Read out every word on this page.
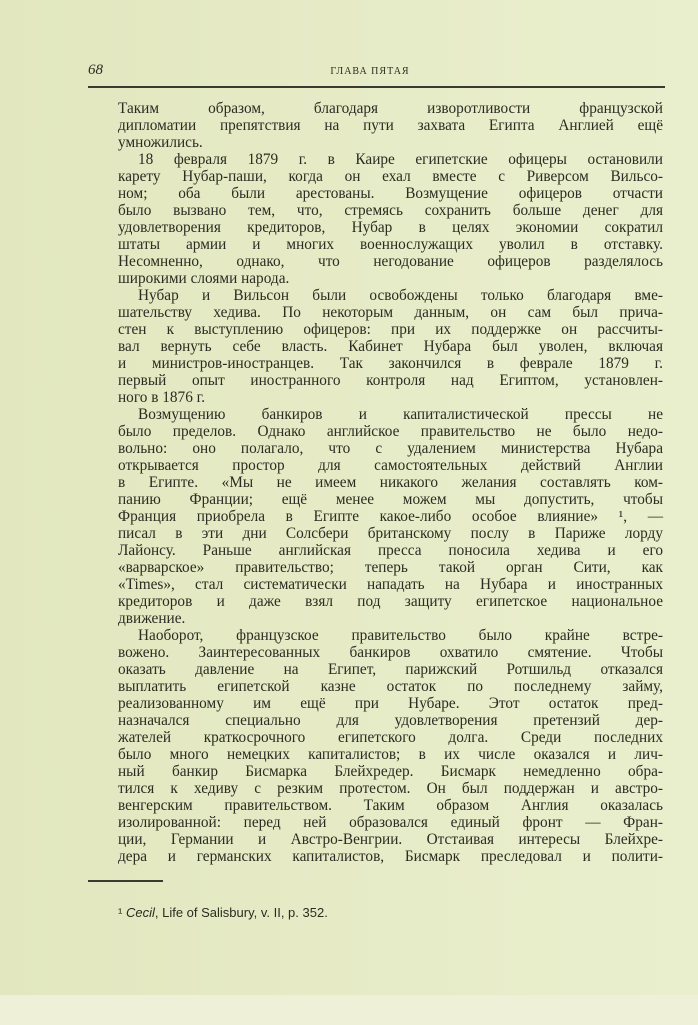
68	ГЛАВА ПЯТАЯ
Таким образом, благодаря изворотливости французской
дипломатии препятствия на пути захвата Египта Англией ещё
умножились.
18 февраля 1879 г. в Каире египетские офицеры остановили
карету Нубар-паши, когда он ехал вместе с Риверсом Вильсо-
ном; оба были арестованы. Возмущение офицеров отчасти
было вызвано тем, что, стремясь сохранить больше денег для
удовлетворения кредиторов, Нубар в целях экономии сократил
штаты армии и многих военнослужащих уволил в отставку.
Несомненно, однако, что негодование офицеров разделялось
широкими слоями народа.
Нубар и Вильсон были освобождены только благодаря вме-
шательству хедива. По некоторым данным, он сам был прича-
стен к выступлению офицеров: при их поддержке он рассчиты-
вал вернуть себе власть. Кабинет Нубара был уволен, включая
и министров-иностранцев. Так закончился в феврале 1879 г.
первый опыт иностранного контроля над Египтом, установлен-
ного в 1876 г.
Возмущению банкиров и капиталистической прессы не
было пределов. Однако английское правительство не было недо-
вольно: оно полагало, что с удалением министерства Нубара
открывается простор для самостоятельных действий Англии
в Египте. «Мы не имеем никакого желания составлять ком-
панию Франции; ещё менее можем мы допустить, чтобы
Франция приобрела в Египте какое-либо особое влияние» ¹, —
писал в эти дни Солсбери британскому послу в Париже лорду
Лайонсу. Раньше английская пресса поносила хедива и его
«варварское» правительство; теперь такой орган Сити, как
«Times», стал систематически нападать на Нубара и иностранных
кредиторов и даже взял под защиту египетское национальное
движение.
Наоборот, французское правительство было крайне встре-
вожено. Заинтересованных банкиров охватило смятение. Чтобы
оказать давление на Египет, парижский Ротшильд отказался
выплатить египетской казне остаток по последнему займу,
реализованному им ещё при Нубаре. Этот остаток пред-
назначался специально для удовлетворения претензий дер-
жателей краткосрочного египетского долга. Среди последних
было много немецких капиталистов; в их числе оказался и лич-
ный банкир Бисмарка Блейхредер. Бисмарк немедленно обра-
тился к хедиву с резким протестом. Он был поддержан и австро-
венгерским правительством. Таким образом Англия оказалась
изолированной: перед ней образовался единый фронт — Фран-
ции, Германии и Австро-Венгрии. Отстаивая интересы Блейхре-
дера и германских капиталистов, Бисмарк преследовал и полити-
¹ Cecil, Life of Salisbury, v. II, p. 352.
